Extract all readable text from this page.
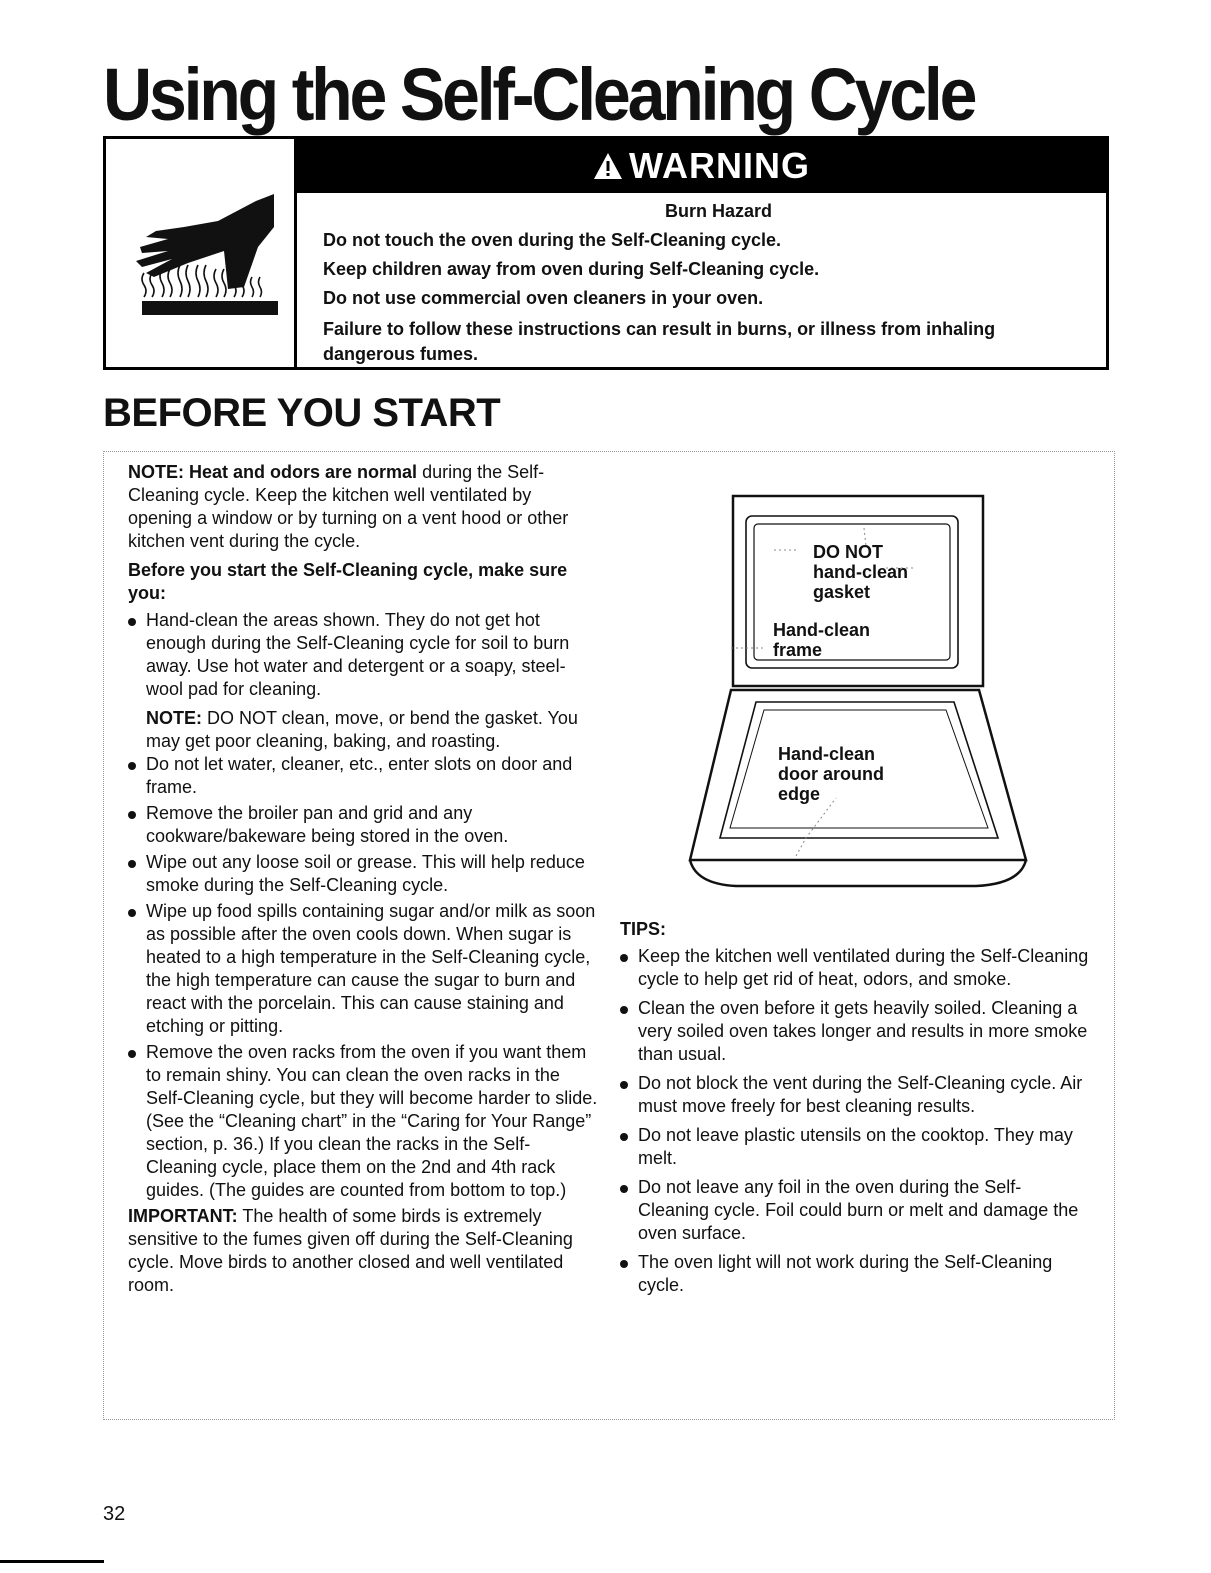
Using the Self-Cleaning Cycle
WARNING

Burn Hazard

Do not touch the oven during the Self-Cleaning cycle.

Keep children away from oven during Self-Cleaning cycle.

Do not use commercial oven cleaners in your oven.

Failure to follow these instructions can result in burns, or illness from inhaling dangerous fumes.

BEFORE YOU START

NOTE: Heat and odors are normal during the Self-Cleaning cycle. Keep the kitchen well ventilated by opening a window or by turning on a vent hood or other kitchen vent during the cycle.

Before you start the Self-Cleaning cycle, make sure you:

Hand-clean the areas shown. They do not get hot enough during the Self-Cleaning cycle for soil to burn away. Use hot water and detergent or a soapy, steel-wool pad for cleaning.

NOTE: DO NOT clean, move, or bend the gasket. You may get poor cleaning, baking, and roasting.

Do not let water, cleaner, etc., enter slots on door and frame.
Remove the broiler pan and grid and any cookware/bakeware being stored in the oven.
Wipe out any loose soil or grease. This will help reduce smoke during the Self-Cleaning cycle.
Wipe up food spills containing sugar and/or milk as soon as possible after the oven cools down. When sugar is heated to a high temperature in the Self-Cleaning cycle, the high temperature can cause the sugar to burn and react with the porcelain. This can cause staining and etching or pitting.
Remove the oven racks from the oven if you want them to remain shiny. You can clean the oven racks in the Self-Cleaning cycle, but they will become harder to slide. (See the “Cleaning chart” in the “Caring for Your Range” section, p. 36.) If you clean the racks in the Self-Cleaning cycle, place them on the 2nd and 4th rack guides. (The guides are counted from bottom to top.)

IMPORTANT: The health of some birds is extremely sensitive to the fumes given off during the Self-Cleaning cycle. Move birds to another closed and well ventilated room.

DO NOT
hand-clean
gasket
Hand-clean
frame
Hand-clean
door around
edge

TIPS:

Keep the kitchen well ventilated during the Self-Cleaning cycle to help get rid of heat, odors, and smoke.
Clean the oven before it gets heavily soiled. Cleaning a very soiled oven takes longer and results in more smoke than usual.
Do not block the vent during the Self-Cleaning cycle. Air must move freely for best cleaning results.
Do not leave plastic utensils on the cooktop. They may melt.
Do not leave any foil in the oven during the Self-Cleaning cycle. Foil could burn or melt and damage the oven surface.
The oven light will not work during the Self-Cleaning cycle.
32
